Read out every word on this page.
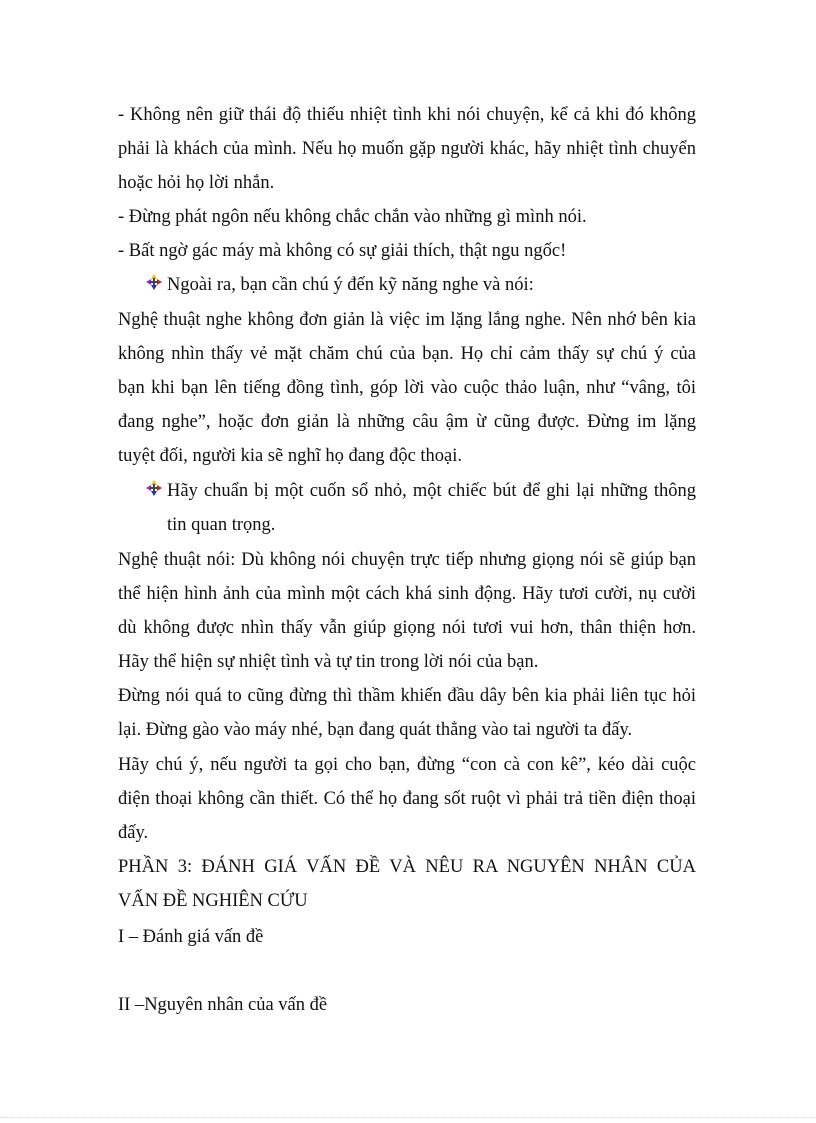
- Không nên giữ thái độ thiếu nhiệt tình khi nói chuyện, kể cả khi đó không
phải là khách của mình. Nếu họ muốn gặp người khác, hãy nhiệt tình chuyển
hoặc hỏi họ lời nhắn.
- Đừng phát ngôn nếu không chắc chắn vào những gì mình nói.
- Bất ngờ gác máy mà không có sự giải thích, thật ngu ngốc!
Ngoài ra, bạn cần chú ý đến kỹ năng nghe và nói:
Nghệ thuật nghe không đơn giản là việc im lặng lắng nghe. Nên nhớ bên kia
không nhìn thấy vẻ mặt chăm chú của bạn. Họ chỉ cảm thấy sự chú ý của
bạn khi bạn lên tiếng đồng tình, góp lời vào cuộc thảo luận, như “vâng, tôi
đang nghe”, hoặc đơn giản là những câu ậm ừ cũng được. Đừng im lặng
tuyệt đối, người kia sẽ nghĩ họ đang độc thoại.
Hãy chuẩn bị một cuốn sổ nhỏ, một chiếc bút để ghi lại những thông
tin quan trọng.
Nghệ thuật nói: Dù không nói chuyện trực tiếp nhưng giọng nói sẽ giúp bạn
thể hiện hình ảnh của mình một cách khá sinh động. Hãy tươi cười, nụ cười
dù không được nhìn thấy vẫn giúp giọng nói tươi vui hơn, thân thiện hơn.
Hãy thể hiện sự nhiệt tình và tự tin trong lời nói của bạn.
Đừng nói quá to cũng đừng thì thầm khiến đầu dây bên kia phải liên tục hỏi
lại. Đừng gào vào máy nhé, bạn đang quát thẳng vào tai người ta đấy.
Hãy chú ý, nếu người ta gọi cho bạn, đừng “con cà con kê”, kéo dài cuộc
điện thoại không cần thiết. Có thể họ đang sốt ruột vì phải trả tiền điện thoại
đấy.
PHẦN 3: ĐÁNH GIÁ VẤN ĐỀ VÀ NÊU RA NGUYÊN NHÂN CỦA
VẤN ĐỀ NGHIÊN CỨU
I – Đánh giá vấn đề
II –Nguyên nhân của vấn đề
